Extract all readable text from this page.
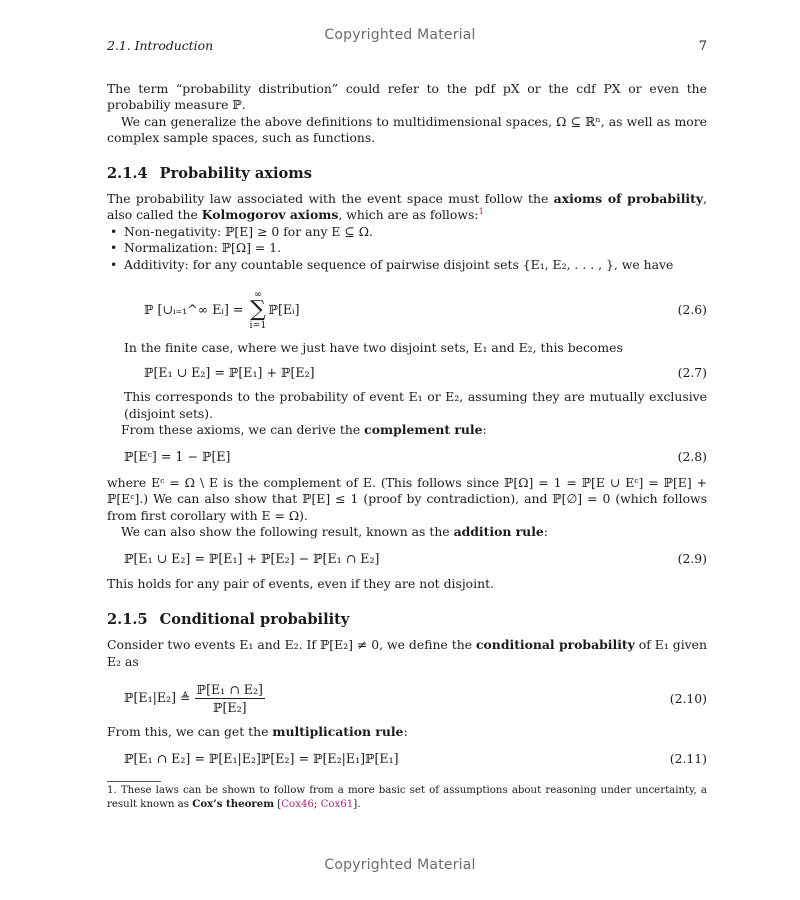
Copyrighted Material
2.1. Introduction	7

The term “probability distribution” could refer to the pdf pX or the cdf PX or even the probabiliy measure ℙ.

We can generalize the above definitions to multidimensional spaces, Ω ⊆ ℝⁿ, as well as more complex sample spaces, such as functions.

2.1.4 Probability axioms

The probability law associated with the event space must follow the axioms of probability, also called the Kolmogorov axioms, which are as follows:$^1$

• Non-negativity: ℙ[E] ≥ 0 for any E ⊆ Ω.
• Normalization: ℙ[Ω] = 1.
• Additivity: for any countable sequence of pairwise disjoint sets {E₁, E₂, . . . , }, we have
ℙ [∪ᵢ₌₁^∞ Eᵢ] =
∞
∑
i=1
ℙ[Eᵢ]	(2.6)

In the finite case, where we just have two disjoint sets, E₁ and E₂, this becomes

ℙ[E₁ ∪ E₂] = ℙ[E₁] + ℙ[E₂]	(2.7)

This corresponds to the probability of event E₁ or E₂, assuming they are mutually exclusive (disjoint sets).

From these axioms, we can derive the complement rule:

ℙ[Eᶜ] = 1 − ℙ[E]	(2.8)

where Eᶜ = Ω \ E is the complement of E. (This follows since ℙ[Ω] = 1 = ℙ[E ∪ Eᶜ] = ℙ[E] + ℙ[Eᶜ].) We can also show that ℙ[E] ≤ 1 (proof by contradiction), and ℙ[∅] = 0 (which follows from first corollary with E = Ω).

We can also show the following result, known as the addition rule:

ℙ[E₁ ∪ E₂] = ℙ[E₁] + ℙ[E₂] − ℙ[E₁ ∩ E₂]	(2.9)

This holds for any pair of events, even if they are not disjoint.

2.1.5 Conditional probability

Consider two events E₁ and E₂. If ℙ[E₂] ≠ 0, we define the conditional probability of E₁ given E₂ as

ℙ[E₁|E₂] ≜ $\frac{\text{ℙ[E₁ ∩ E₂]}}{\text{ℙ[E₂]}}$	(2.10)

From this, we can get the multiplication rule:

ℙ[E₁ ∩ E₂] = ℙ[E₁|E₂]ℙ[E₂] = ℙ[E₂|E₁]ℙ[E₁]	(2.11)

1. These laws can be shown to follow from a more basic set of assumptions about reasoning under uncertainty, a result known as Cox’s theorem [Cox46; Cox61].

Copyrighted Material
